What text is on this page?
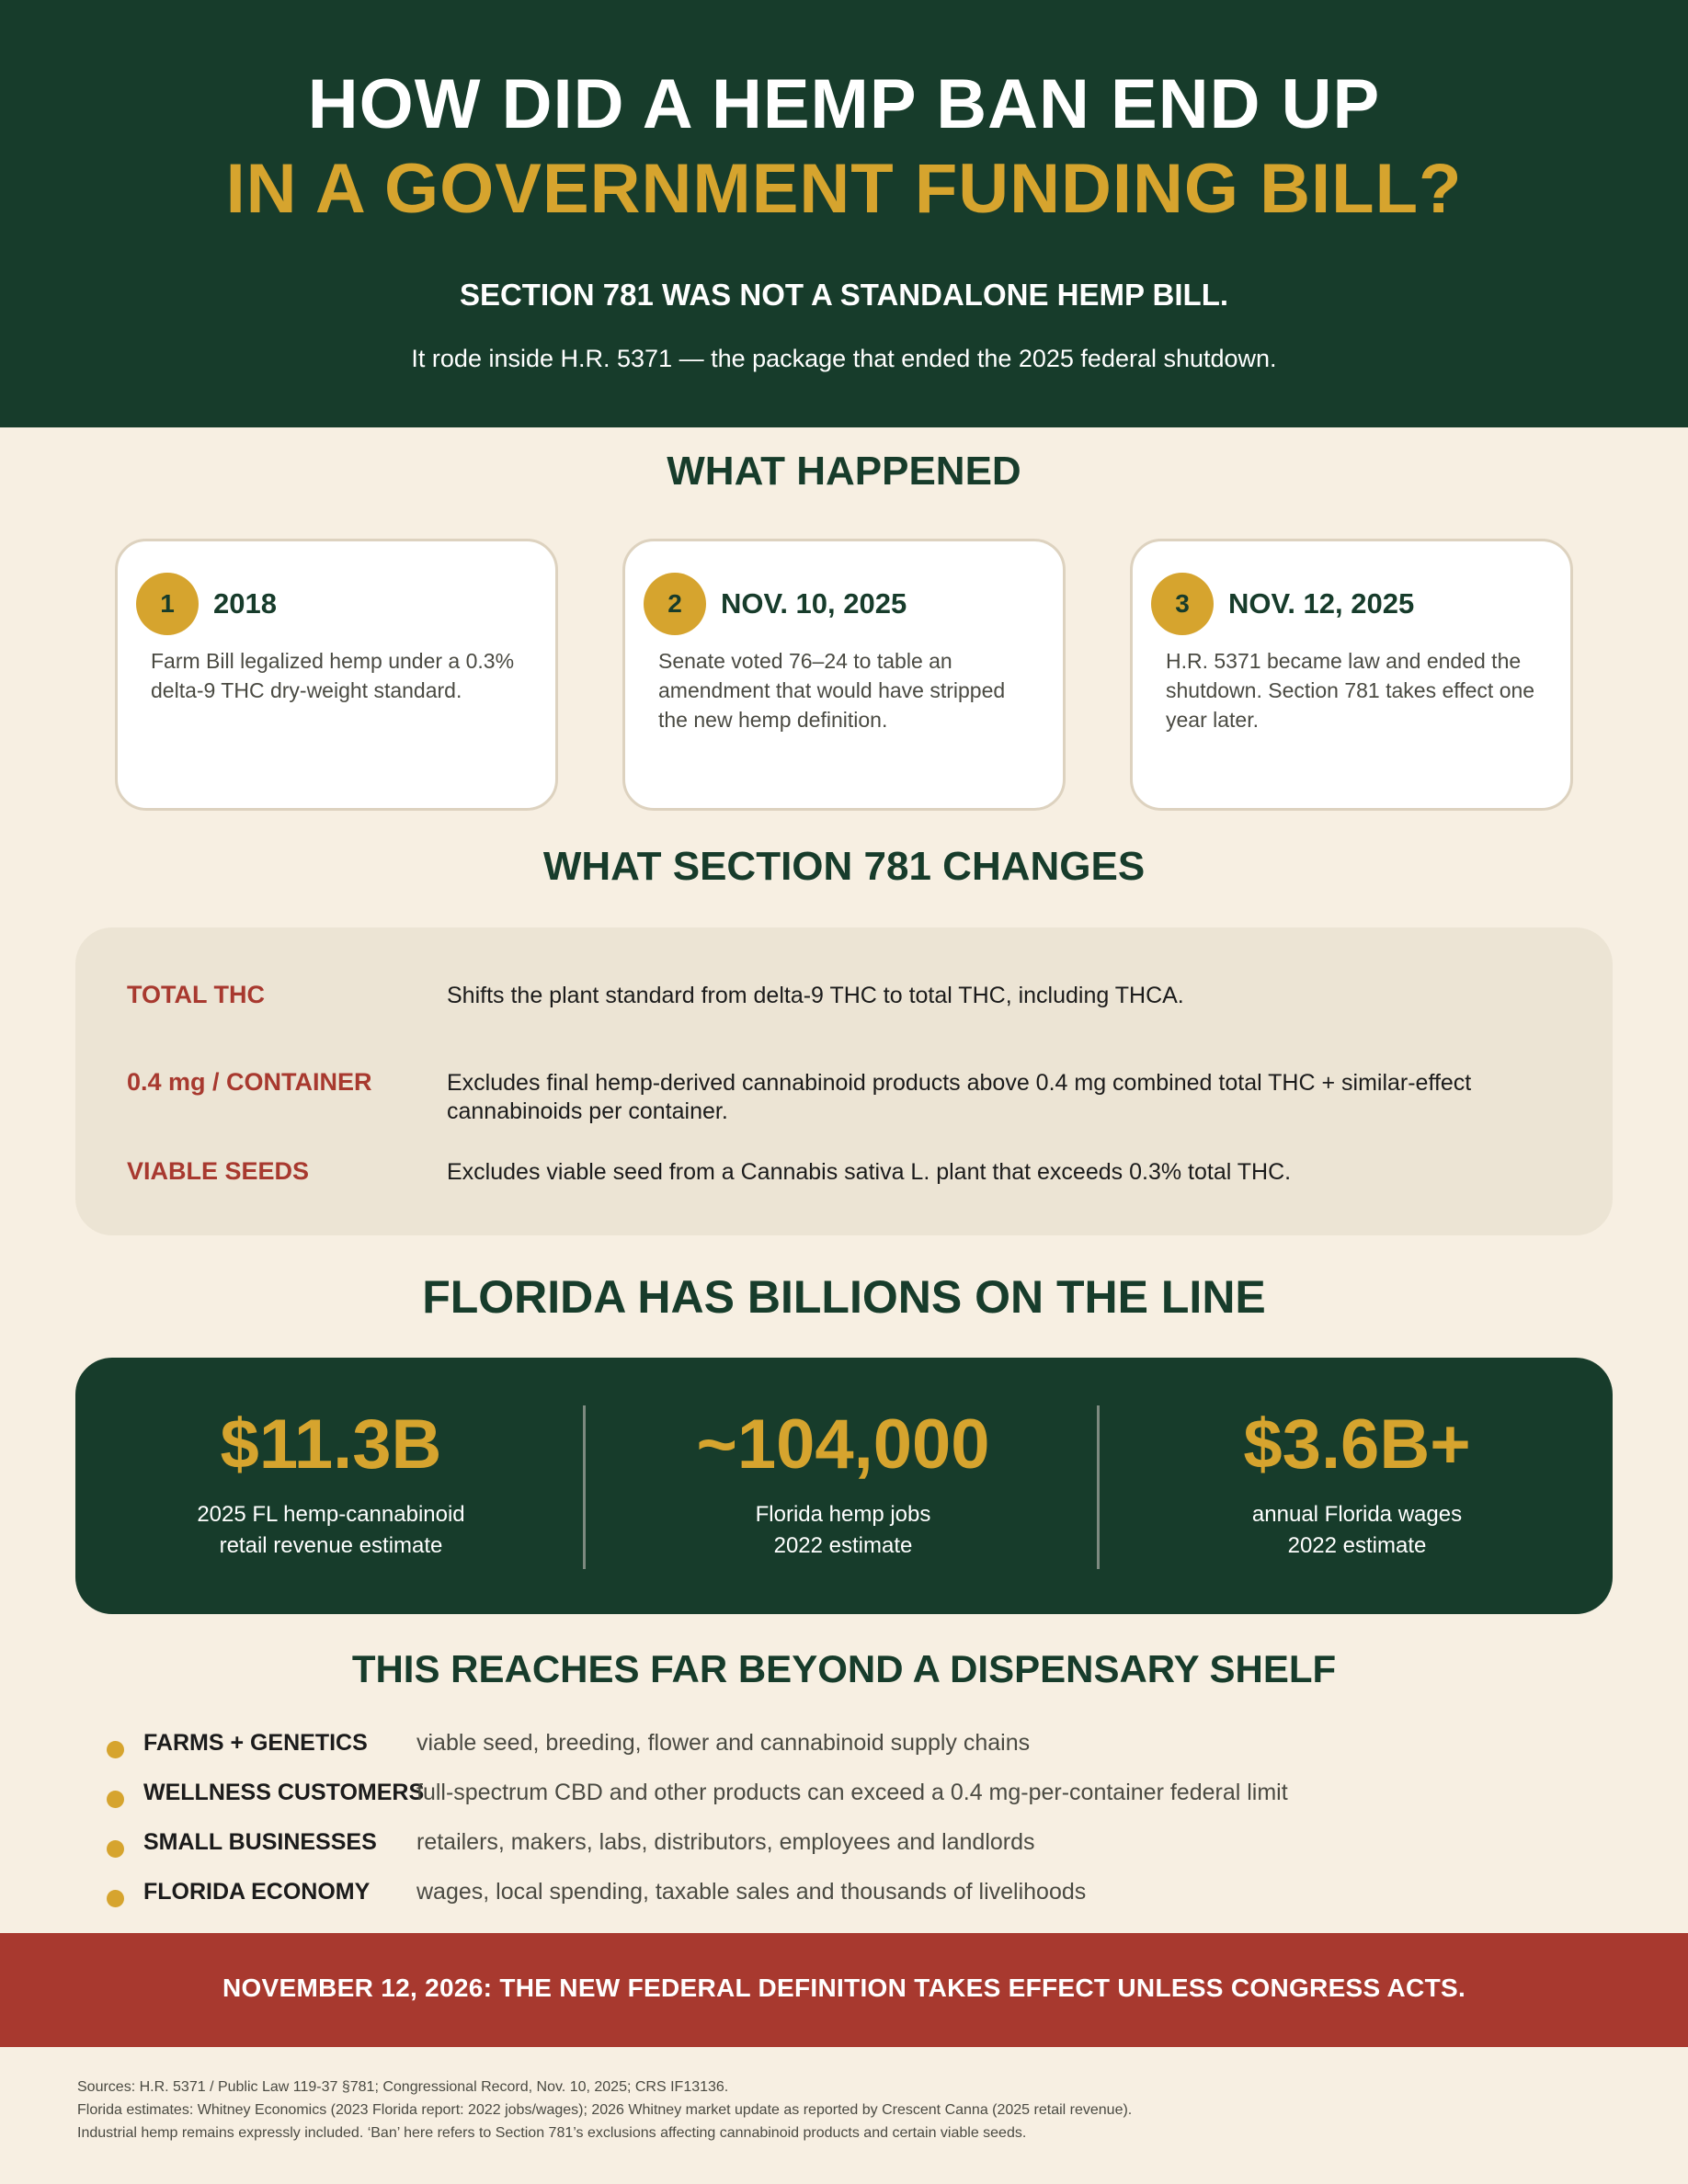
HOW DID A HEMP BAN END UP
IN A GOVERNMENT FUNDING BILL?
SECTION 781 WAS NOT A STANDALONE HEMP BILL.
It rode inside H.R. 5371 — the package that ended the 2025 federal shutdown.
WHAT HAPPENED
1	2018
Farm Bill legalized hemp under a 0.3% delta-9 THC dry-weight standard.
2	NOV. 10, 2025
Senate voted 76–24 to table an amendment that would have stripped the new hemp definition.
3	NOV. 12, 2025
H.R. 5371 became law and ended the shutdown. Section 781 takes effect one year later.
WHAT SECTION 781 CHANGES
TOTAL THC	Shifts the plant standard from delta-9 THC to total THC, including THCA.
0.4 mg / CONTAINER	Excludes final hemp-derived cannabinoid products above 0.4 mg combined total THC + similar-effect cannabinoids per container.
VIABLE SEEDS	Excludes viable seed from a Cannabis sativa L. plant that exceeds 0.3% total THC.
FLORIDA HAS BILLIONS ON THE LINE
$11.3B
2025 FL hemp-cannabinoid
retail revenue estimate
~104,000
Florida hemp jobs
2022 estimate
$3.6B+
annual Florida wages
2022 estimate
THIS REACHES FAR BEYOND A DISPENSARY SHELF
FARMS + GENETICS viable seed, breeding, flower and cannabinoid supply chains
WELLNESS CUSTOMERS
full-spectrum CBD and other products can exceed a 0.4 mg-per-container federal limit
SMALL BUSINESSES retailers, makers, labs, distributors, employees and landlords
FLORIDA ECONOMY wages, local spending, taxable sales and thousands of livelihoods
NOVEMBER 12, 2026: THE NEW FEDERAL DEFINITION TAKES EFFECT UNLESS CONGRESS ACTS.
Sources: H.R. 5371 / Public Law 119-37 §781; Congressional Record, Nov. 10, 2025; CRS IF13136.
Florida estimates: Whitney Economics (2023 Florida report: 2022 jobs/wages); 2026 Whitney market update as reported by Crescent Canna (2025 retail revenue).
Industrial hemp remains expressly included. ‘Ban’ here refers to Section 781’s exclusions affecting cannabinoid products and certain viable seeds.
